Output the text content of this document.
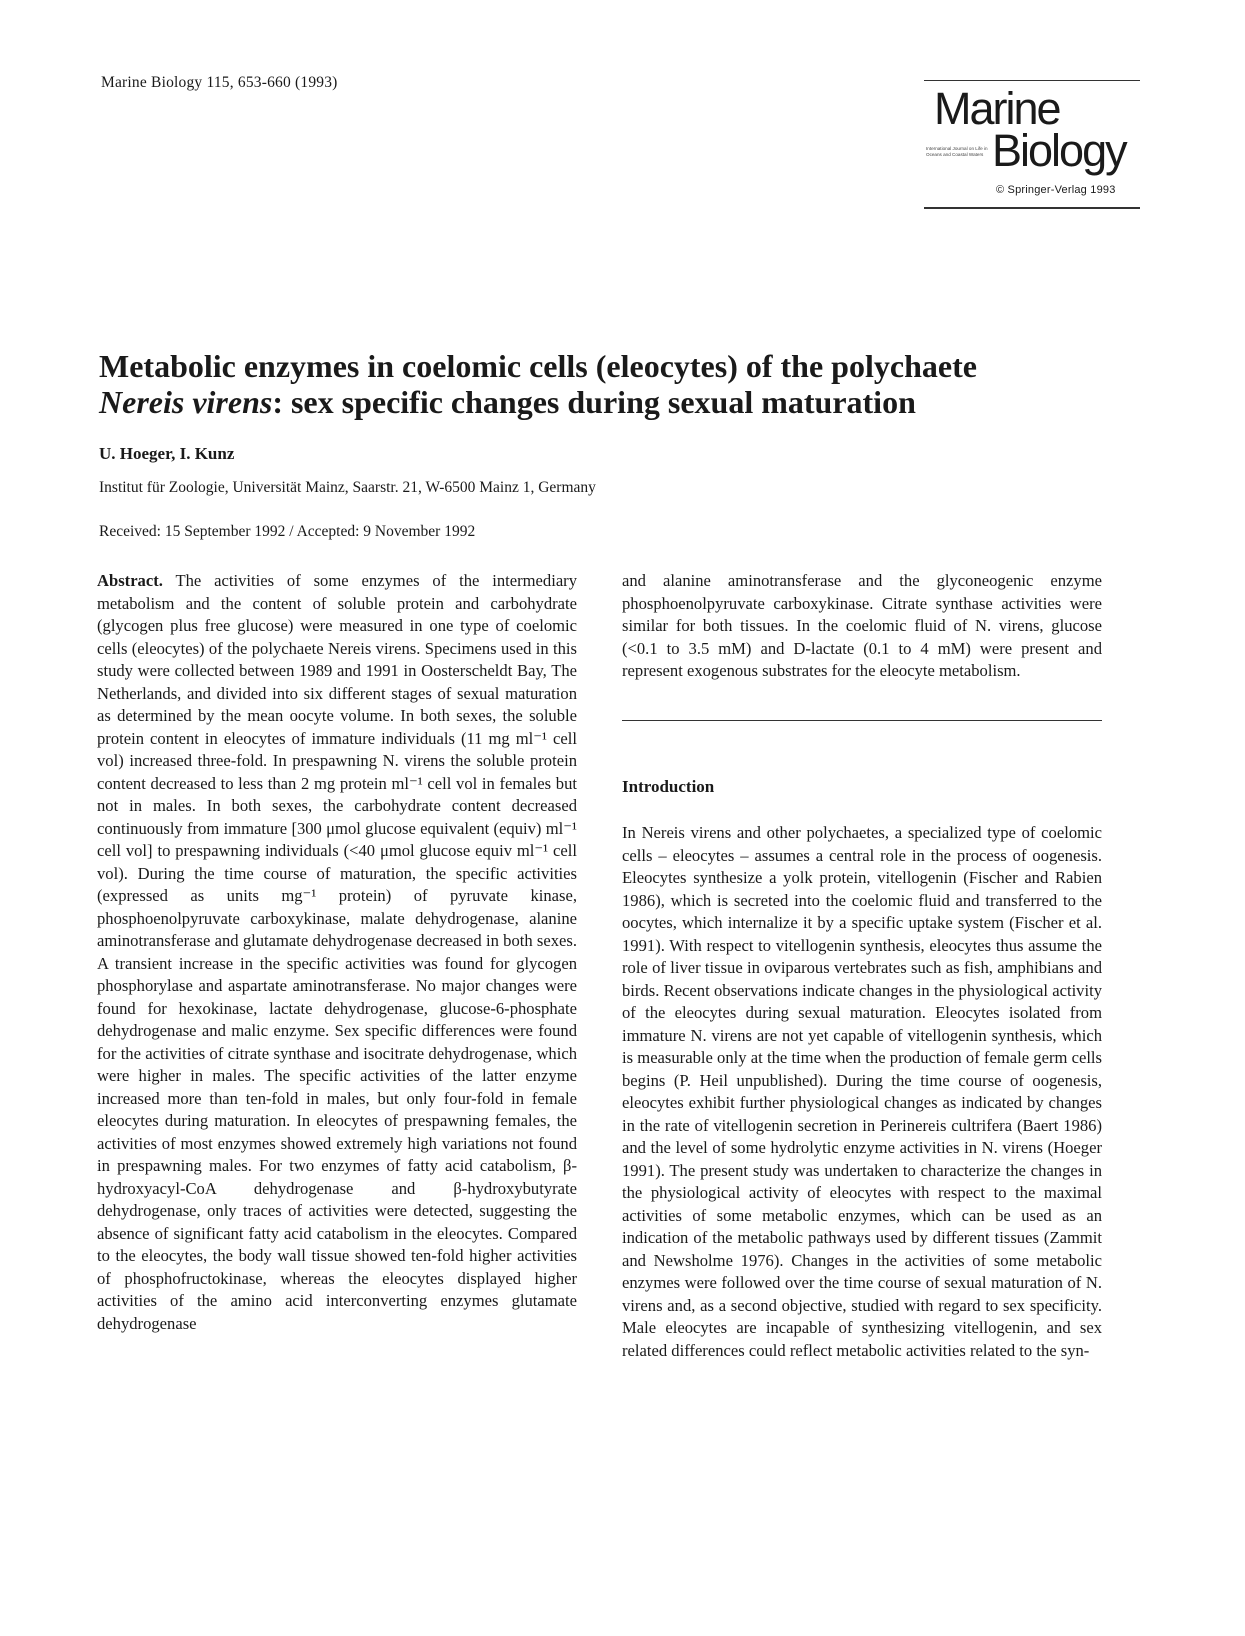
Marine Biology 115, 653-660 (1993)
Marine
International Journal on Life in Oceans and Coastal Waters Biology
© Springer-Verlag 1993
Metabolic enzymes in coelomic cells (eleocytes) of the polychaete
Nereis virens: sex specific changes during sexual maturation
U. Hoeger, I. Kunz
Institut für Zoologie, Universität Mainz, Saarstr. 21, W-6500 Mainz 1, Germany
Received: 15 September 1992 / Accepted: 9 November 1992

Abstract. The activities of some enzymes of the intermediary metabolism and the content of soluble protein and carbohydrate (glycogen plus free glucose) were measured in one type of coelomic cells (eleocytes) of the polychaete Nereis virens. Specimens used in this study were collected between 1989 and 1991 in Oosterscheldt Bay, The Netherlands, and divided into six different stages of sexual maturation as determined by the mean oocyte volume. In both sexes, the soluble protein content in eleocytes of immature individuals (11 mg ml⁻¹ cell vol) increased three-fold. In prespawning N. virens the soluble protein content decreased to less than 2 mg protein ml⁻¹ cell vol in females but not in males. In both sexes, the carbohydrate content decreased continuously from immature [300 μmol glucose equivalent (equiv) ml⁻¹ cell vol] to prespawning individuals (<40 μmol glucose equiv ml⁻¹ cell vol). During the time course of maturation, the specific activities (expressed as units mg⁻¹ protein) of pyruvate kinase, phosphoenolpyruvate carboxykinase, malate dehydrogenase, alanine aminotransferase and glutamate dehydrogenase decreased in both sexes. A transient increase in the specific activities was found for glycogen phosphorylase and aspartate aminotransferase. No major changes were found for hexokinase, lactate dehydrogenase, glucose-6-phosphate dehydrogenase and malic enzyme. Sex specific differences were found for the activities of citrate synthase and isocitrate dehydrogenase, which were higher in males. The specific activities of the latter enzyme increased more than ten-fold in males, but only four-fold in female eleocytes during maturation. In eleocytes of prespawning females, the activities of most enzymes showed extremely high variations not found in prespawning males. For two enzymes of fatty acid catabolism, β-hydroxyacyl-CoA dehydrogenase and β-hydroxybutyrate dehydrogenase, only traces of activities were detected, suggesting the absence of significant fatty acid catabolism in the eleocytes. Compared to the eleocytes, the body wall tissue showed ten-fold higher activities of phosphofructokinase, whereas the eleocytes displayed higher activities of the amino acid interconverting enzymes glutamate dehydrogenase

and alanine aminotransferase and the glyconeogenic enzyme phosphoenolpyruvate carboxykinase. Citrate synthase activities were similar for both tissues. In the coelomic fluid of N. virens, glucose (<0.1 to 3.5 mM) and D-lactate (0.1 to 4 mM) were present and represent exogenous substrates for the eleocyte metabolism.

Introduction

In Nereis virens and other polychaetes, a specialized type of coelomic cells – eleocytes – assumes a central role in the process of oogenesis. Eleocytes synthesize a yolk protein, vitellogenin (Fischer and Rabien 1986), which is secreted into the coelomic fluid and transferred to the oocytes, which internalize it by a specific uptake system (Fischer et al. 1991). With respect to vitellogenin synthesis, eleocytes thus assume the role of liver tissue in oviparous vertebrates such as fish, amphibians and birds. Recent observations indicate changes in the physiological activity of the eleocytes during sexual maturation. Eleocytes isolated from immature N. virens are not yet capable of vitellogenin synthesis, which is measurable only at the time when the production of female germ cells begins (P. Heil unpublished). During the time course of oogenesis, eleocytes exhibit further physiological changes as indicated by changes in the rate of vitellogenin secretion in Perinereis cultrifera (Baert 1986) and the level of some hydrolytic enzyme activities in N. virens (Hoeger 1991). The present study was undertaken to characterize the changes in the physiological activity of eleocytes with respect to the maximal activities of some metabolic enzymes, which can be used as an indication of the metabolic pathways used by different tissues (Zammit and Newsholme 1976). Changes in the activities of some metabolic enzymes were followed over the time course of sexual maturation of N. virens and, as a second objective, studied with regard to sex specificity. Male eleocytes are incapable of synthesizing vitellogenin, and sex related differences could reflect metabolic activities related to the syn-
